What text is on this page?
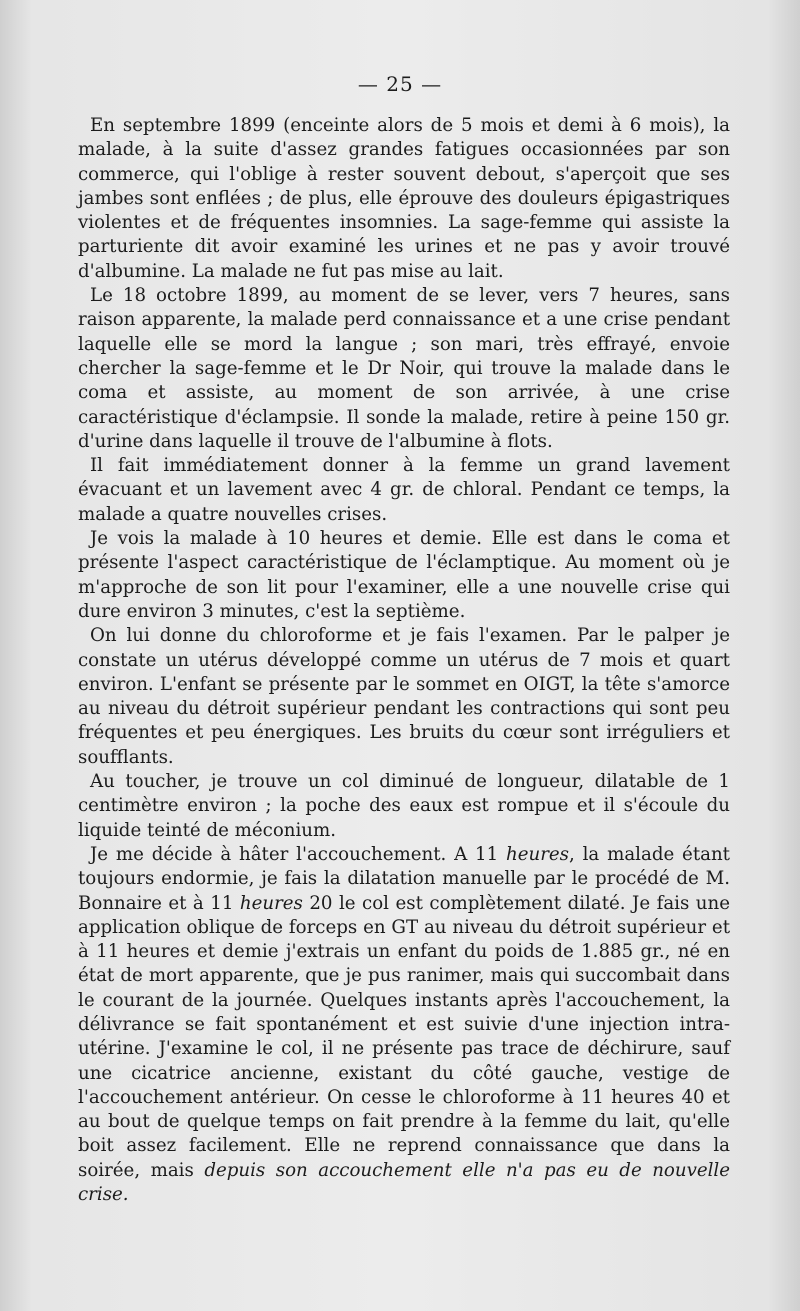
— 25 —

En septembre 1899 (enceinte alors de 5 mois et demi à 6 mois), la malade, à la suite d'assez grandes fatigues occasionnées par son commerce, qui l'oblige à rester souvent debout, s'aperçoit que ses jambes sont enflées ; de plus, elle éprouve des douleurs épigastriques violentes et de fréquentes insomnies. La sage-femme qui assiste la parturiente dit avoir examiné les urines et ne pas y avoir trouvé d'albumine. La malade ne fut pas mise au lait.

Le 18 octobre 1899, au moment de se lever, vers 7 heures, sans raison apparente, la malade perd connaissance et a une crise pendant laquelle elle se mord la langue ; son mari, très effrayé, envoie chercher la sage-femme et le Dr Noir, qui trouve la malade dans le coma et assiste, au moment de son arrivée, à une crise caractéristique d'éclampsie. Il sonde la malade, retire à peine 150 gr. d'urine dans laquelle il trouve de l'albumine à flots.

Il fait immédiatement donner à la femme un grand lavement évacuant et un lavement avec 4 gr. de chloral. Pendant ce temps, la malade a quatre nouvelles crises.

Je vois la malade à 10 heures et demie. Elle est dans le coma et présente l'aspect caractéristique de l'éclamptique. Au moment où je m'approche de son lit pour l'examiner, elle a une nouvelle crise qui dure environ 3 minutes, c'est la septième.

On lui donne du chloroforme et je fais l'examen. Par le palper je constate un utérus développé comme un utérus de 7 mois et quart environ. L'enfant se présente par le sommet en OIGT, la tête s'amorce au niveau du détroit supérieur pendant les contractions qui sont peu fréquentes et peu énergiques. Les bruits du cœur sont irréguliers et soufflants.

Au toucher, je trouve un col diminué de longueur, dilatable de 1 centimètre environ ; la poche des eaux est rompue et il s'écoule du liquide teinté de méconium.

Je me décide à hâter l'accouchement. A 11 heures, la malade étant toujours endormie, je fais la dilatation manuelle par le procédé de M. Bonnaire et à 11 heures 20 le col est complètement dilaté. Je fais une application oblique de forceps en GT au niveau du détroit supérieur et à 11 heures et demie j'extrais un enfant du poids de 1.885 gr., né en état de mort apparente, que je pus ranimer, mais qui succombait dans le courant de la journée. Quelques instants après l'accouchement, la délivrance se fait spontanément et est suivie d'une injection intra-utérine. J'examine le col, il ne présente pas trace de déchirure, sauf une cicatrice ancienne, existant du côté gauche, vestige de l'accouchement antérieur. On cesse le chloroforme à 11 heures 40 et au bout de quelque temps on fait prendre à la femme du lait, qu'elle boit assez facilement. Elle ne reprend connaissance que dans la soirée, mais depuis son accouchement elle n'a pas eu de nouvelle crise.
